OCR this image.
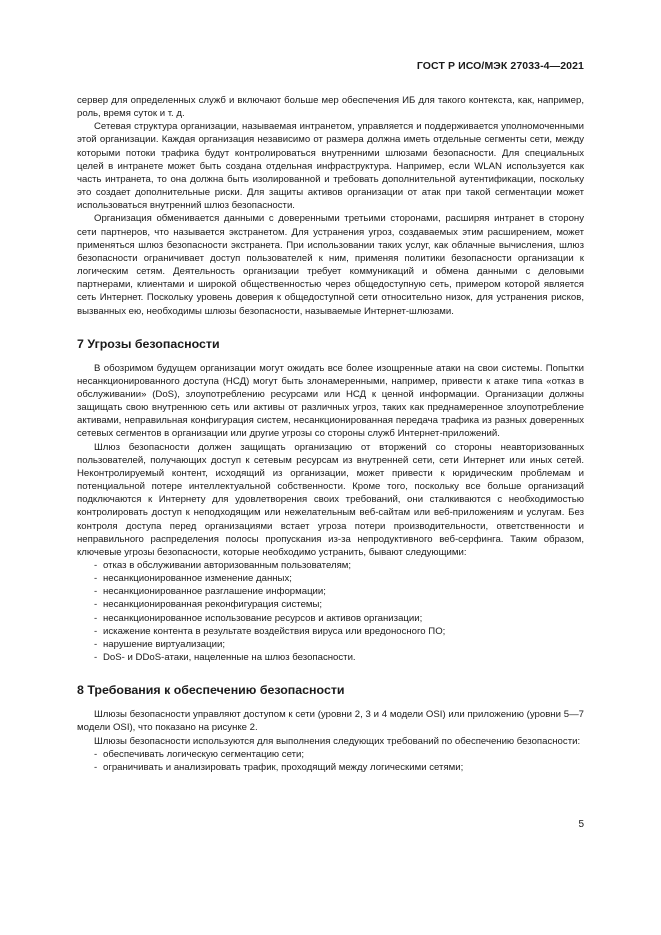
ГОСТ Р ИСО/МЭК 27033-4—2021

сервер для определенных служб и включают больше мер обеспечения ИБ для такого контекста, как, например, роль, время суток и т. д.

Сетевая структура организации, называемая интранетом, управляется и поддерживается уполномоченными этой организации. Каждая организация независимо от размера должна иметь отдельные сегменты сети, между которыми потоки трафика будут контролироваться внутренними шлюзами безопасности. Для специальных целей в интранете может быть создана отдельная инфраструктура. Например, если WLAN используется как часть интранета, то она должна быть изолированной и требовать дополнительной аутентификации, поскольку это создает дополнительные риски. Для защиты активов организации от атак при такой сегментации может использоваться внутренний шлюз безопасности.

Организация обменивается данными с доверенными третьими сторонами, расширяя интранет в сторону сети партнеров, что называется экстранетом. Для устранения угроз, создаваемых этим расширением, может применяться шлюз безопасности экстранета. При использовании таких услуг, как облачные вычисления, шлюз безопасности ограничивает доступ пользователей к ним, применяя политики безопасности организации к логическим сетям. Деятельность организации требует коммуникаций и обмена данными с деловыми партнерами, клиентами и широкой общественностью через общедоступную сеть, примером которой является сеть Интернет. Поскольку уровень доверия к общедоступной сети относительно низок, для устранения рисков, вызванных ею, необходимы шлюзы безопасности, называемые Интернет-шлюзами.

7 Угрозы безопасности

В обозримом будущем организации могут ожидать все более изощренные атаки на свои системы. Попытки несанкционированного доступа (НСД) могут быть злонамеренными, например, привести к атаке типа «отказ в обслуживании» (DoS), злоупотреблению ресурсами или НСД к ценной информации. Организации должны защищать свою внутреннюю сеть или активы от различных угроз, таких как преднамеренное злоупотребление активами, неправильная конфигурация систем, несанкционированная передача трафика из разных доверенных сетевых сегментов в организации или другие угрозы со стороны служб Интернет-приложений.

Шлюз безопасности должен защищать организацию от вторжений со стороны неавторизованных пользователей, получающих доступ к сетевым ресурсам из внутренней сети, сети Интернет или иных сетей. Неконтролируемый контент, исходящий из организации, может привести к юридическим проблемам и потенциальной потере интеллектуальной собственности. Кроме того, поскольку все больше организаций подключаются к Интернету для удовлетворения своих требований, они сталкиваются с необходимостью контролировать доступ к неподходящим или нежелательным веб-сайтам или веб-приложениям и услугам. Без контроля доступа перед организациями встает угроза потери производительности, ответственности и неправильного распределения полосы пропускания из-за непродуктивного веб-серфинга. Таким образом, ключевые угрозы безопасности, которые необходимо устранить, бывают следующими:

- отказ в обслуживании авторизованным пользователям;
- несанкционированное изменение данных;
- несанкционированное разглашение информации;
- несанкционированная реконфигурация системы;
- несанкционированное использование ресурсов и активов организации;
- искажение контента в результате воздействия вируса или вредоносного ПО;
- нарушение виртуализации;
- DoS- и DDoS-атаки, нацеленные на шлюз безопасности.
8 Требования к обеспечению безопасности

Шлюзы безопасности управляют доступом к сети (уровни 2, 3 и 4 модели OSI) или приложению (уровни 5—7 модели OSI), что показано на рисунке 2.

Шлюзы безопасности используются для выполнения следующих требований по обеспечению безопасности:

- обеспечивать логическую сегментацию сети;
- ограничивать и анализировать трафик, проходящий между логическими сетями;
5
